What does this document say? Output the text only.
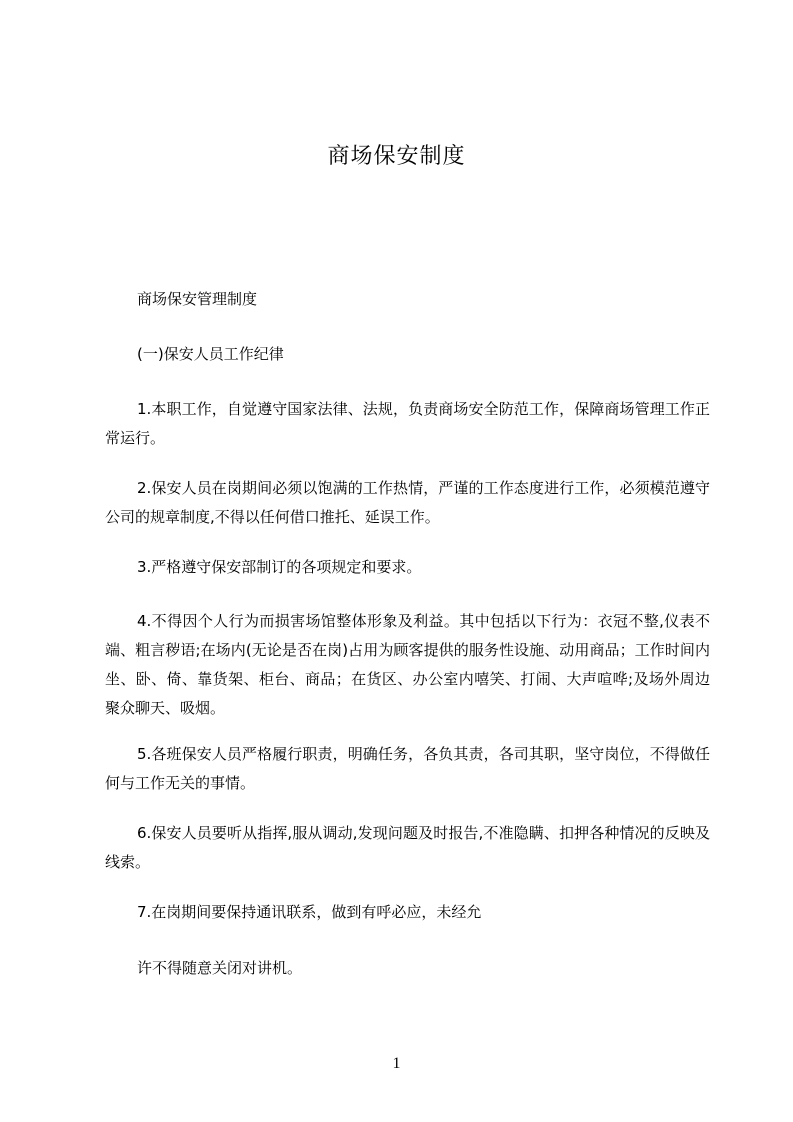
商场保安制度

商场保安管理制度

(一)保安人员工作纪律

1.本职工作，自觉遵守国家法律、法规，负责商场安全防范工作，保障商场管理工作正常运行。

2.保安人员在岗期间必须以饱满的工作热情，严谨的工作态度进行工作，必须模范遵守公司的规章制度,不得以任何借口推托、延误工作。

3.严格遵守保安部制订的各项规定和要求。

4.不得因个人行为而损害场馆整体形象及利益。其中包括以下行为：衣冠不整,仪表不端、粗言秽语;在场内(无论是否在岗)占用为顾客提供的服务性设施、动用商品；工作时间内坐、卧、倚、靠货架、柜台、商品；在货区、办公室内嘻笑、打闹、大声喧哗;及场外周边聚众聊天、吸烟。

5.各班保安人员严格履行职责，明确任务，各负其责，各司其职，坚守岗位，不得做任何与工作无关的事情。

6.保安人员要听从指挥,服从调动,发现问题及时报告,不准隐瞒、扣押各种情况的反映及线索。

7.在岗期间要保持通讯联系，做到有呼必应，未经允

许不得随意关闭对讲机。

1
